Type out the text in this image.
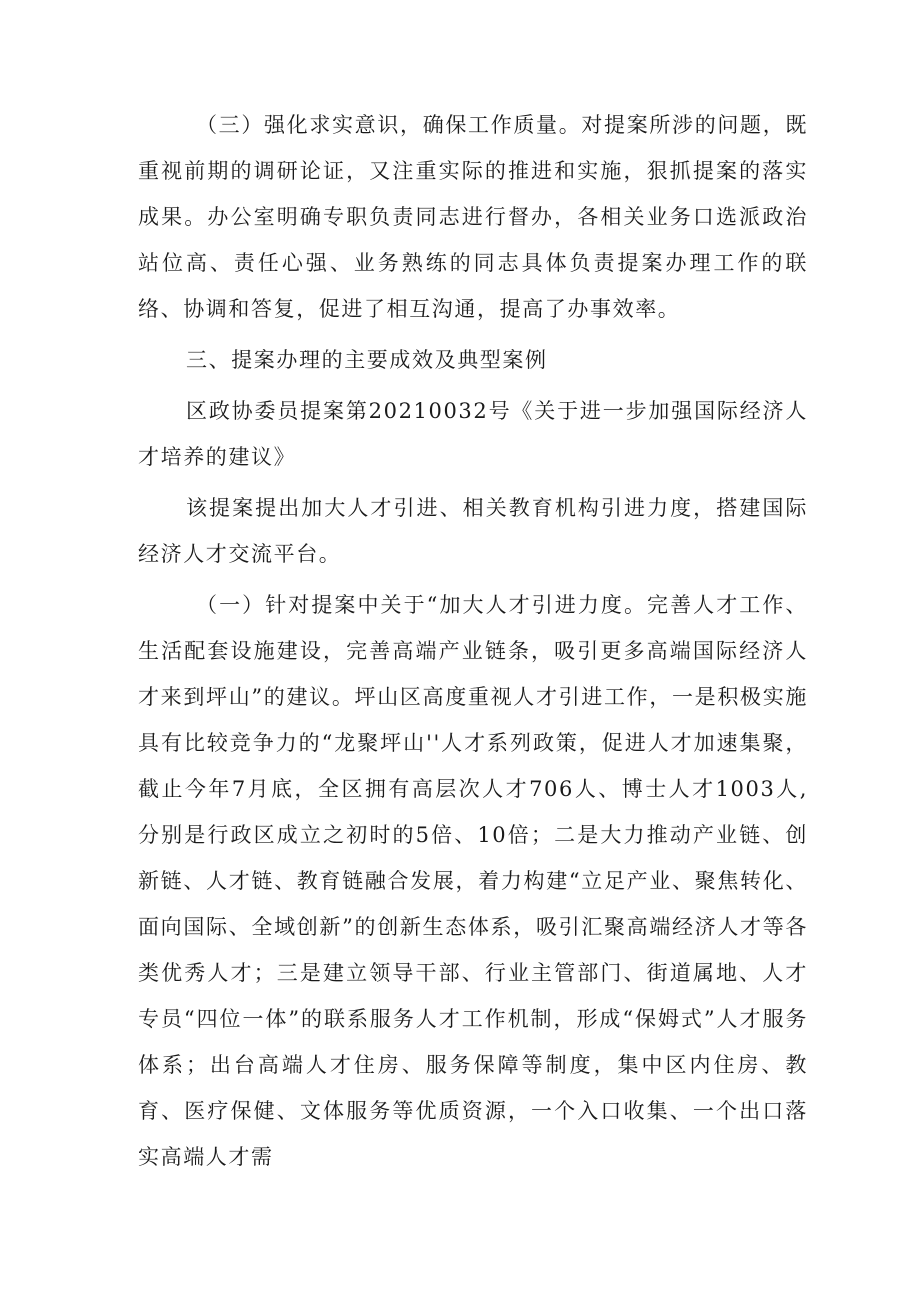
（三）强化求实意识，确保工作质量。对提案所涉的问题，既重视前期的调研论证，又注重实际的推进和实施，狠抓提案的落实成果。办公室明确专职负责同志进行督办，各相关业务口选派政治站位高、责任心强、业务熟练的同志具体负责提案办理工作的联络、协调和答复，促进了相互沟通，提高了办事效率。

三、提案办理的主要成效及典型案例

区政协委员提案第20210032号《关于进一步加强国际经济人才培养的建议》

该提案提出加大人才引进、相关教育机构引进力度，搭建国际经济人才交流平台。

（一）针对提案中关于“加大人才引进力度。完善人才工作、生活配套设施建设，完善高端产业链条，吸引更多高端国际经济人才来到坪山”的建议。坪山区高度重视人才引进工作，一是积极实施具有比较竞争力的“龙聚坪山''人才系列政策，促进人才加速集聚，截止今年7月底，全区拥有高层次人才706人、博士人才1003人,分别是行政区成立之初时的5倍、10倍；二是大力推动产业链、创新链、人才链、教育链融合发展，着力构建“立足产业、聚焦转化、面向国际、全域创新”的创新生态体系，吸引汇聚高端经济人才等各类优秀人才；三是建立领导干部、行业主管部门、街道属地、人才专员“四位一体”的联系服务人才工作机制，形成“保姆式”人才服务体系；出台高端人才住房、服务保障等制度，集中区内住房、教育、医疗保健、文体服务等优质资源，一个入口收集、一个出口落实高端人才需
